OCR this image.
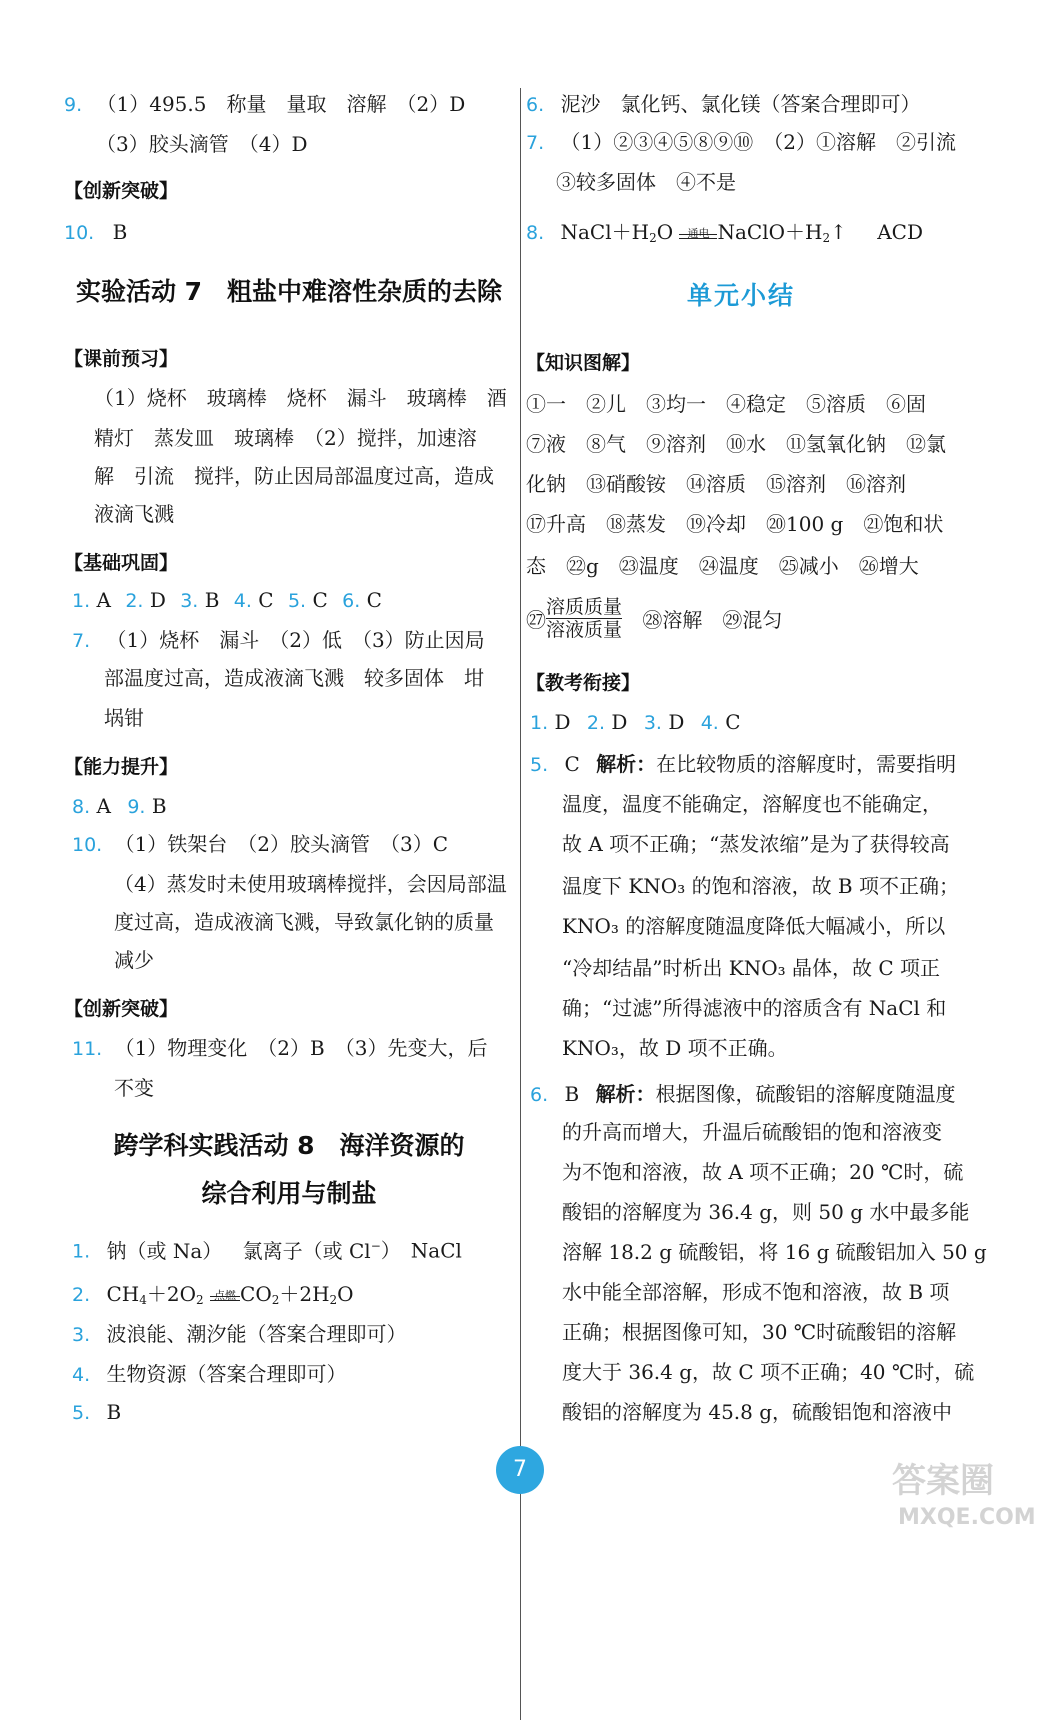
9. （1）495.5　称量　量取　溶解　（2）D
（3）胶头滴管　（4）D
【创新突破】
10. B
实验活动 7　粗盐中难溶性杂质的去除
【课前预习】
（1）烧杯　玻璃棒　烧杯　漏斗　玻璃棒　酒
精灯　蒸发皿　玻璃棒　（2）搅拌，加速溶
解　引流　搅拌，防止因局部温度过高，造成
液滴飞溅
【基础巩固】
1. A 2. D 3. B 4. C 5. C 6. C
7. （1）烧杯　漏斗　（2）低　（3）防止因局
部温度过高，造成液滴飞溅　较多固体　坩
埚钳
【能力提升】
8. A 9. B
10. （1）铁架台　（2）胶头滴管　（3）C
（4）蒸发时未使用玻璃棒搅拌，会因局部温
度过高，造成液滴飞溅，导致氯化钠的质量
减少
【创新突破】
11. （1）物理变化　（2）B　（3）先变大，后
不变
跨学科实践活动 8　海洋资源的
综合利用与制盐
1. 钠（或 Na） 氯离子（或 Cl−）　NaCl
2. $CH_4+2O_2$ 点燃 $CO_2+2H_2O$
3. 波浪能、潮汐能（答案合理即可）
4. 生物资源（答案合理即可）
5. B
6. 泥沙　氯化钙、氯化镁（答案合理即可）
7. （1）②③④⑤⑧⑨⑩　（2）①溶解　②引流
③较多固体　④不是
8. $NaCl+H_2O$	通电 $NaClO+H_2↑$ ACD
单元小结
【知识图解】
①一　②儿　③均一　④稳定　⑤溶质　⑥固
⑦液　⑧气　⑨溶剂　⑩水　⑪氢氧化钠　⑫氯
化钠　⑬硝酸铵　⑭溶质　⑮溶剂　⑯溶剂
⑰升高　⑱蒸发　⑲冷却　⑳100 g　㉑饱和状
态　㉒g　㉓温度　㉔温度　㉕减小　㉖增大
㉗ $\frac{\text{溶质质量}}{\text{溶液质量}}$ ㉘溶解　㉙混匀
【教考衔接】
1. D 2. D 3. D 4. C
5. C 解析：在比较物质的溶解度时，需要指明
温度，温度不能确定，溶解度也不能确定，
故 A 项不正确；“蒸发浓缩”是为了获得较高
温度下 KNO₃ 的饱和溶液，故 B 项不正确；
KNO₃ 的溶解度随温度降低大幅减小，所以
“冷却结晶”时析出 KNO₃ 晶体，故 C 项正
确；“过滤”所得滤液中的溶质含有 NaCl 和
KNO₃，故 D 项不正确。
6. B 解析：根据图像，硫酸铝的溶解度随温度
的升高而增大，升温后硫酸铝的饱和溶液变
为不饱和溶液，故 A 项不正确；20 ℃时，硫
酸铝的溶解度为 36.4 g，则 50 g 水中最多能
溶解 18.2 g 硫酸铝，将 16 g 硫酸铝加入 50 g
水中能全部溶解，形成不饱和溶液，故 B 项
正确；根据图像可知，30 ℃时硫酸铝的溶解
度大于 36.4 g，故 C 项不正确；40 ℃时，硫
酸铝的溶解度为 45.8 g，硫酸铝饱和溶液中
7	答案圈
MXQE.COM
